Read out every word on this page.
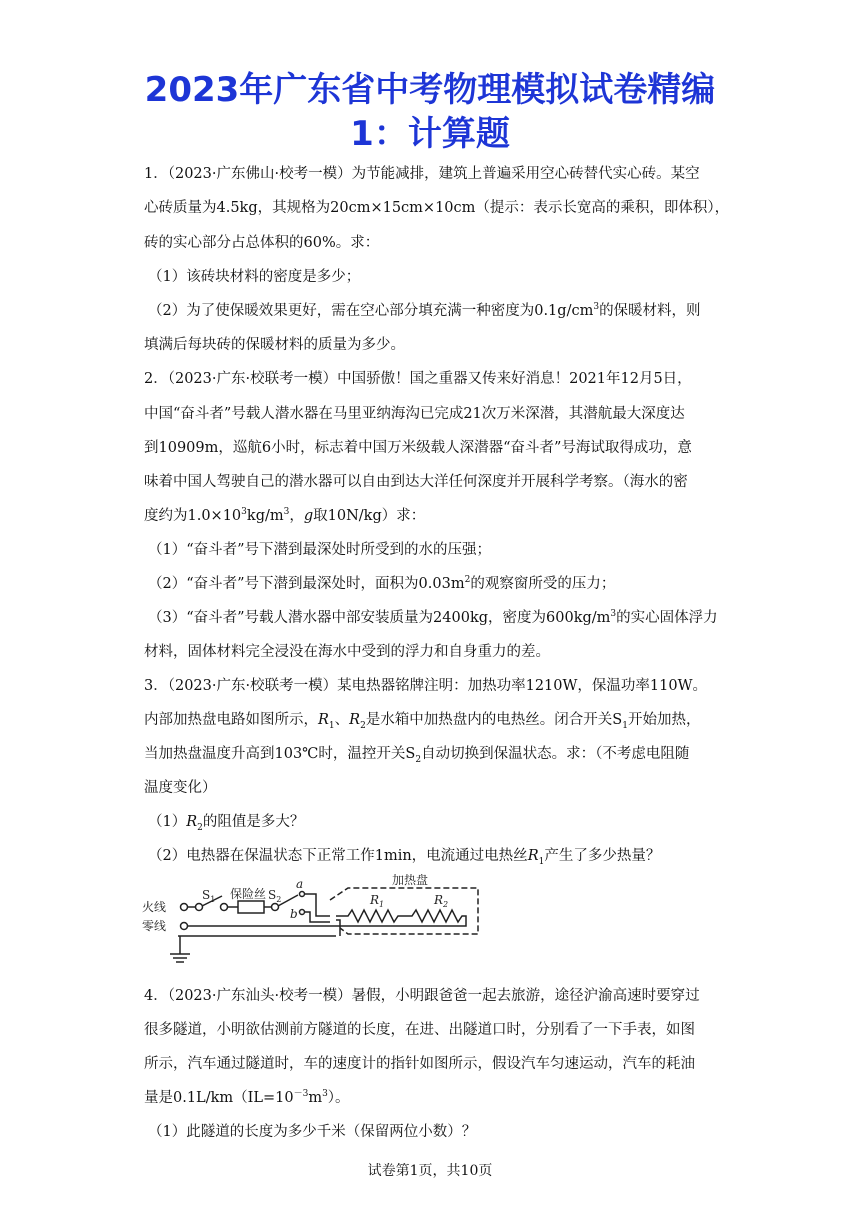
2023年广东省中考物理模拟试卷精编
1：计算题
1．（2023·广东佛山·校考一模）为节能减排，建筑上普遍采用空心砖替代实心砖。某空
心砖质量为4.5kg，其规格为20cm×15cm×10cm（提示：表示长宽高的乘积，即体积），
砖的实心部分占总体积的60%。求：
（1）该砖块材料的密度是多少；
（2）为了使保暖效果更好，需在空心部分填充满一种密度为$0.1g/cm^3$的保暖材料，则
填满后每块砖的保暖材料的质量为多少。
2．（2023·广东·校联考一模）中国骄傲！国之重器又传来好消息！2021年12月5日，
中国“奋斗者”号载人潜水器在马里亚纳海沟已完成21次万米深潜，其潜航最大深度达
到10909m，巡航6小时，标志着中国万米级载人深潜器“奋斗者”号海试取得成功，意
味着中国人驾驶自己的潜水器可以自由到达大洋任何深度并开展科学考察。（海水的密
度约为$1.0\times 10^3kg/m^3$，g取10N/kg）求：
（1）“奋斗者”号下潜到最深处时所受到的水的压强；
（2）“奋斗者”号下潜到最深处时，面积为$0.03m^2$的观察窗所受的压力；
（3）“奋斗者”号载人潜水器中部安装质量为2400kg，密度为$600kg/m^3$的实心固体浮力
材料，固体材料完全浸没在海水中受到的浮力和自身重力的差。
3．（2023·广东·校联考一模）某电热器铭牌注明：加热功率1210W，保温功率110W。
内部加热盘电路如图所示，$R_1$、$R_2$是水箱中加热盘内的电热丝。闭合开关$S_1$开始加热，
当加热盘温度升高到103℃时，温控开关$S_2$自动切换到保温状态。求：（不考虑电阻随
温度变化）
$(1)R_2$的阻值是多大？
（2）电热器在保温状态下正常工作1min，电流通过电热丝$R_1$产生了多少热量？
火线
零线
$S_1$ 保险丝 $S_2$
a
b
加热盘
$R_1$	$R_2$
4．（2023·广东汕头·校考一模）暑假，小明跟爸爸一起去旅游，途径沪渝高速时要穿过
很多隧道，小明欲估测前方隧道的长度，在进、出隧道口时，分别看了一下手表，如图
所示，汽车通过隧道时，车的速度计的指针如图所示，假设汽车匀速运动，汽车的耗油
量是$0.1L/km(IL=10^{-3}m^3)$。
（1）此隧道的长度为多少千米（保留两位小数）？
试卷第1页，共10页
